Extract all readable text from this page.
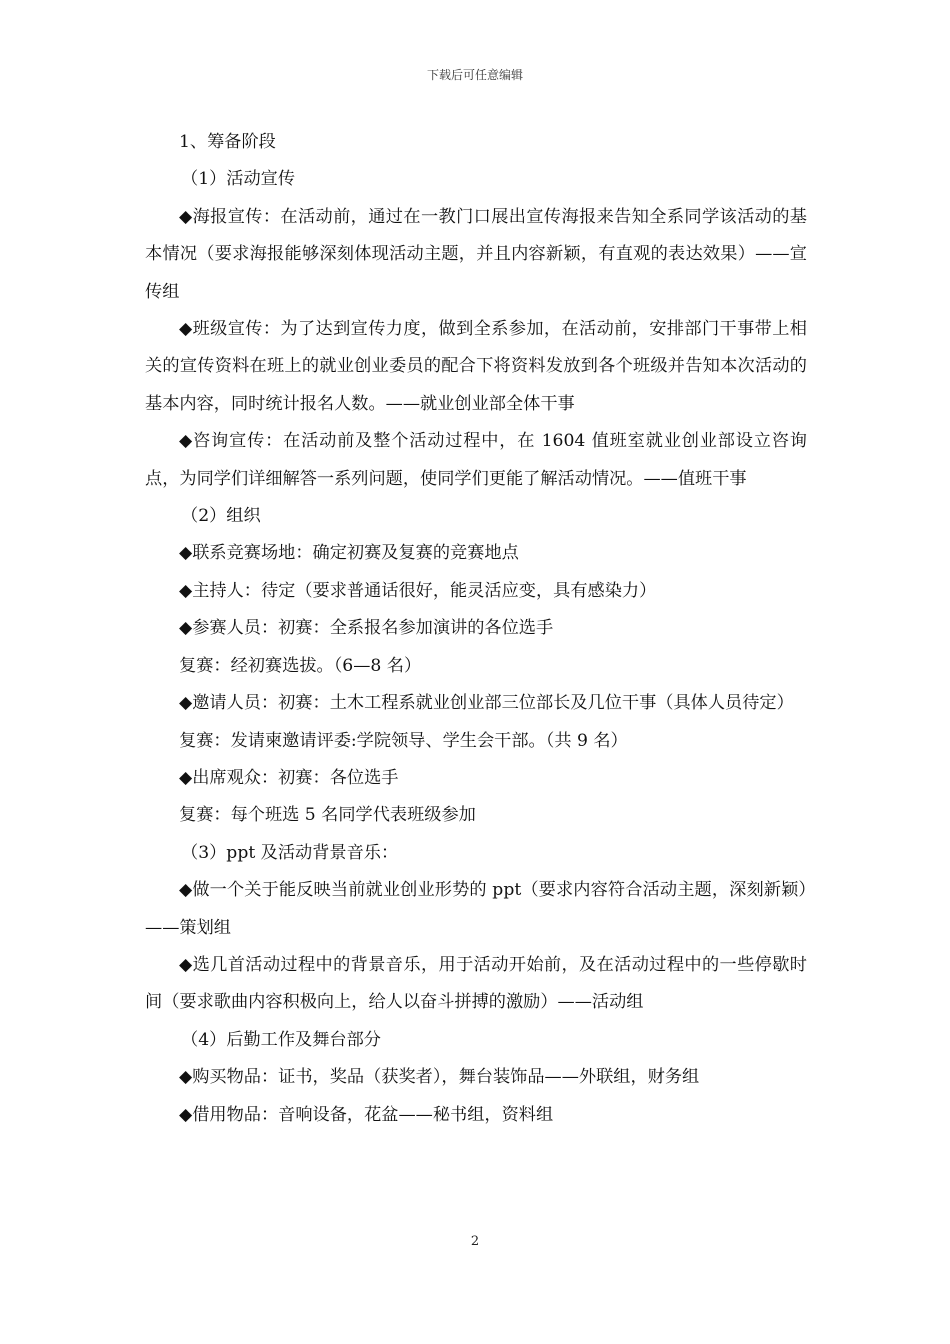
下载后可任意编辑

1、筹备阶段

（1）活动宣传

◆海报宣传：在活动前，通过在一教门口展出宣传海报来告知全系同学该活动的基本情况（要求海报能够深刻体现活动主题，并且内容新颖，有直观的表达效果）——宣传组

◆班级宣传：为了达到宣传力度，做到全系参加，在活动前，安排部门干事带上相关的宣传资料在班上的就业创业委员的配合下将资料发放到各个班级并告知本次活动的基本内容，同时统计报名人数。——就业创业部全体干事

◆咨询宣传：在活动前及整个活动过程中，在 1604 值班室就业创业部设立咨询点，为同学们详细解答一系列问题，使同学们更能了解活动情况。——值班干事

（2）组织

◆联系竞赛场地：确定初赛及复赛的竞赛地点

◆主持人：待定（要求普通话很好，能灵活应变，具有感染力）

◆参赛人员：初赛：全系报名参加演讲的各位选手

复赛：经初赛选拔。（6—8 名）

◆邀请人员：初赛：土木工程系就业创业部三位部长及几位干事（具体人员待定）

复赛：发请柬邀请评委:学院领导、学生会干部。（共 9 名）

◆出席观众：初赛：各位选手

复赛：每个班选 5 名同学代表班级参加

（3）ppt 及活动背景音乐：

◆做一个关于能反映当前就业创业形势的 ppt（要求内容符合活动主题，深刻新颖）——策划组

◆选几首活动过程中的背景音乐，用于活动开始前，及在活动过程中的一些停歇时间（要求歌曲内容积极向上，给人以奋斗拼搏的激励）——活动组

（4）后勤工作及舞台部分

◆购买物品：证书，奖品（获奖者），舞台装饰品——外联组，财务组

◆借用物品：音响设备，花盆——秘书组，资料组

2
